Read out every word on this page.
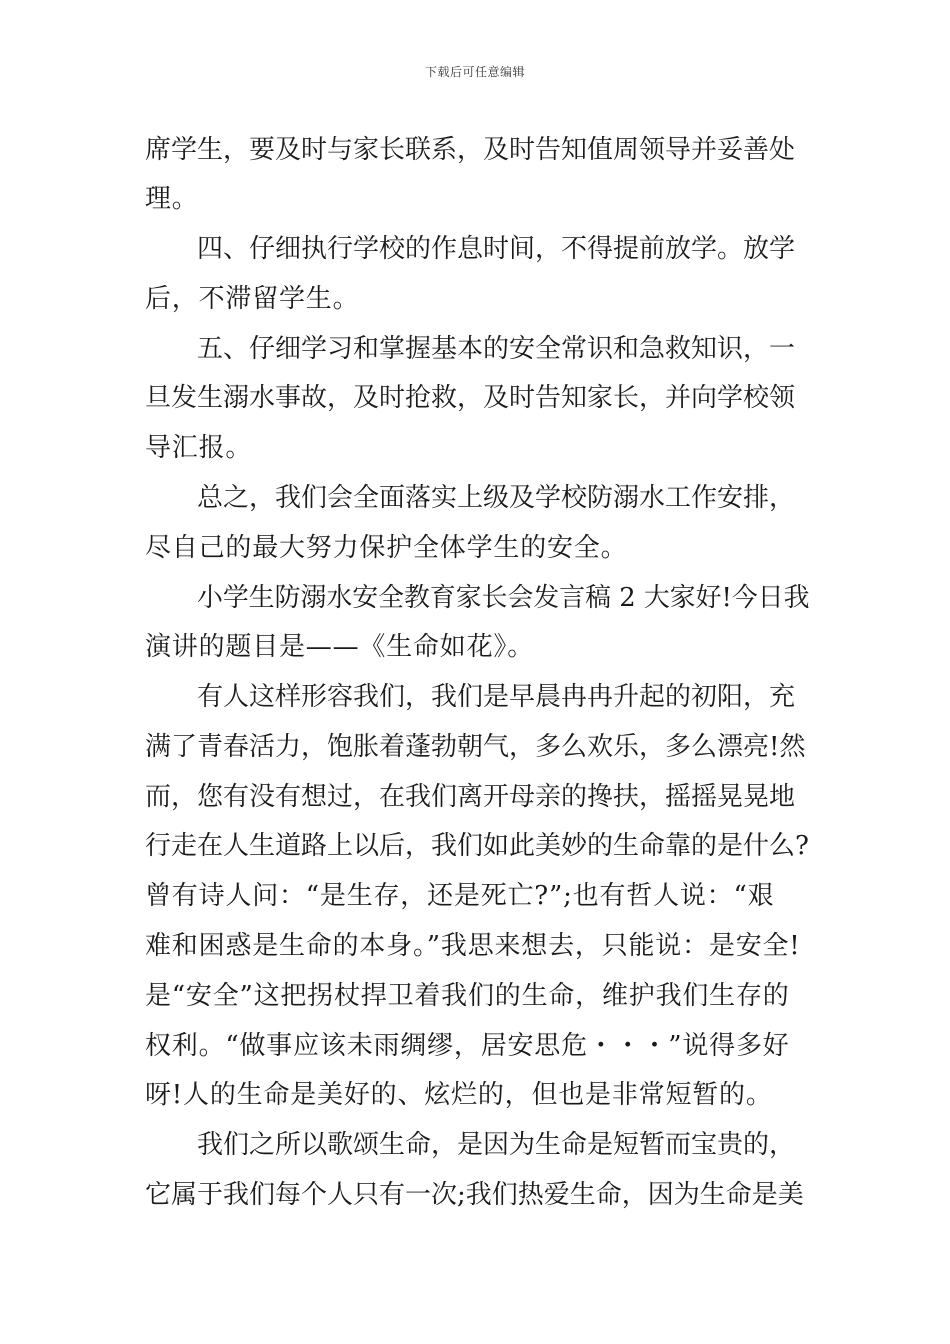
下载后可任意编辑
席学生，要及时与家长联系，及时告知值周领导并妥善处
理。
四、仔细执行学校的作息时间，不得提前放学。放学
后，不滞留学生。
五、仔细学习和掌握基本的安全常识和急救知识，一
旦发生溺水事故，及时抢救，及时告知家长，并向学校领
导汇报。
总之，我们会全面落实上级及学校防溺水工作安排，
尽自己的最大努力保护全体学生的安全。
小学生防溺水安全教育家长会发言稿 2 大家好!今日我
演讲的题目是——《生命如花》。
有人这样形容我们，我们是早晨冉冉升起的初阳，充
满了青春活力，饱胀着蓬勃朝气，多么欢乐，多么漂亮!然
而，您有没有想过，在我们离开母亲的搀扶，摇摇晃晃地
行走在人生道路上以后，我们如此美妙的生命靠的是什么?
曾有诗人问：“是生存，还是死亡?”;也有哲人说：“艰
难和困惑是生命的本身。”我思来想去，只能说：是安全!
是“安全”这把拐杖捍卫着我们的生命，维护我们生存的
权利。“做事应该未雨绸缪，居安思危・・・”说得多好
呀!人的生命是美好的、炫烂的，但也是非常短暂的。
我们之所以歌颂生命，是因为生命是短暂而宝贵的，
它属于我们每个人只有一次;我们热爱生命，因为生命是美
